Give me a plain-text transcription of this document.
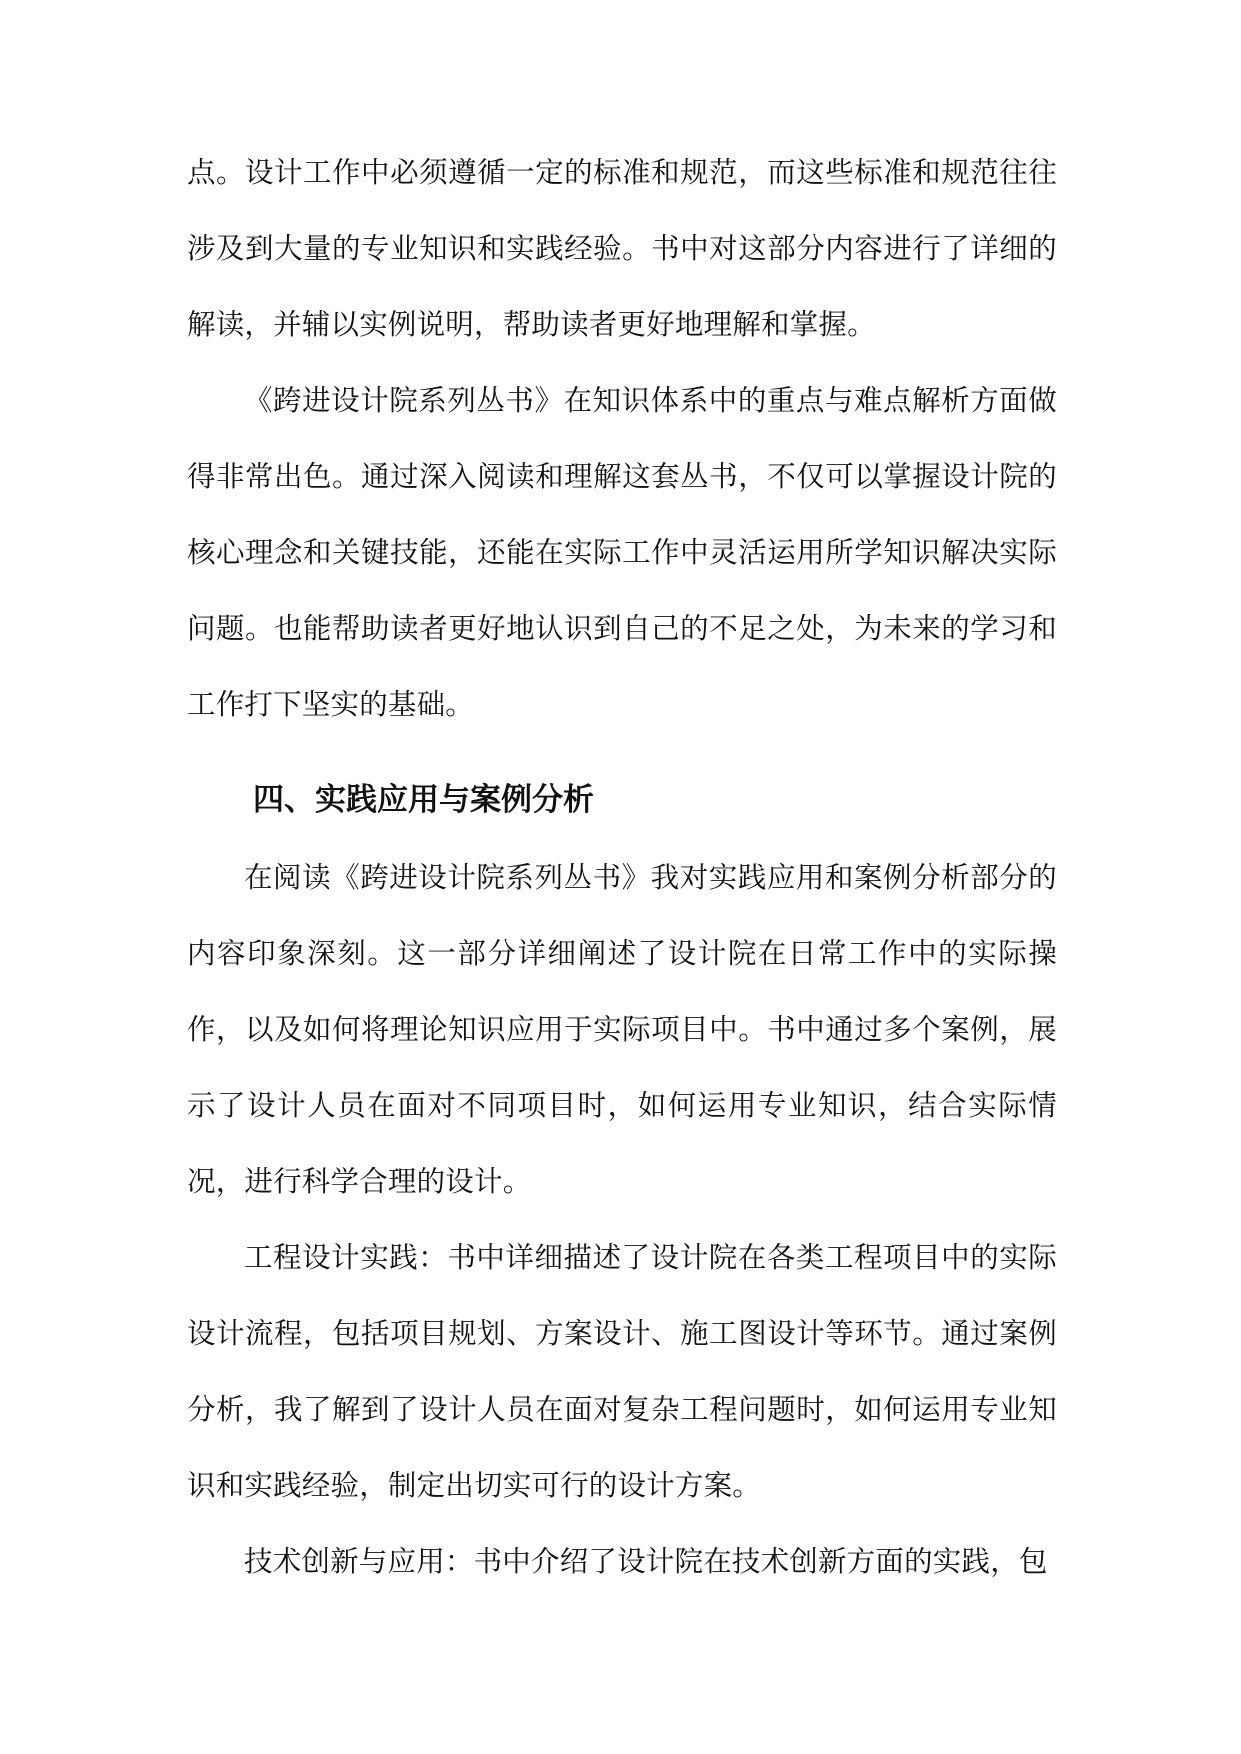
点。设计工作中必须遵循一定的标准和规范，而这些标准和规范往往涉及到大量的专业知识和实践经验。书中对这部分内容进行了详细的解读，并辅以实例说明，帮助读者更好地理解和掌握。

《跨进设计院系列丛书》在知识体系中的重点与难点解析方面做得非常出色。通过深入阅读和理解这套丛书，不仅可以掌握设计院的核心理念和关键技能，还能在实际工作中灵活运用所学知识解决实际问题。也能帮助读者更好地认识到自己的不足之处，为未来的学习和工作打下坚实的基础。

四、实践应用与案例分析

在阅读《跨进设计院系列丛书》我对实践应用和案例分析部分的内容印象深刻。这一部分详细阐述了设计院在日常工作中的实际操作，以及如何将理论知识应用于实际项目中。书中通过多个案例，展示了设计人员在面对不同项目时，如何运用专业知识，结合实际情况，进行科学合理的设计。

工程设计实践：书中详细描述了设计院在各类工程项目中的实际设计流程，包括项目规划、方案设计、施工图设计等环节。通过案例分析，我了解到了设计人员在面对复杂工程问题时，如何运用专业知识和实践经验，制定出切实可行的设计方案。

技术创新与应用：书中介绍了设计院在技术创新方面的实践，包
